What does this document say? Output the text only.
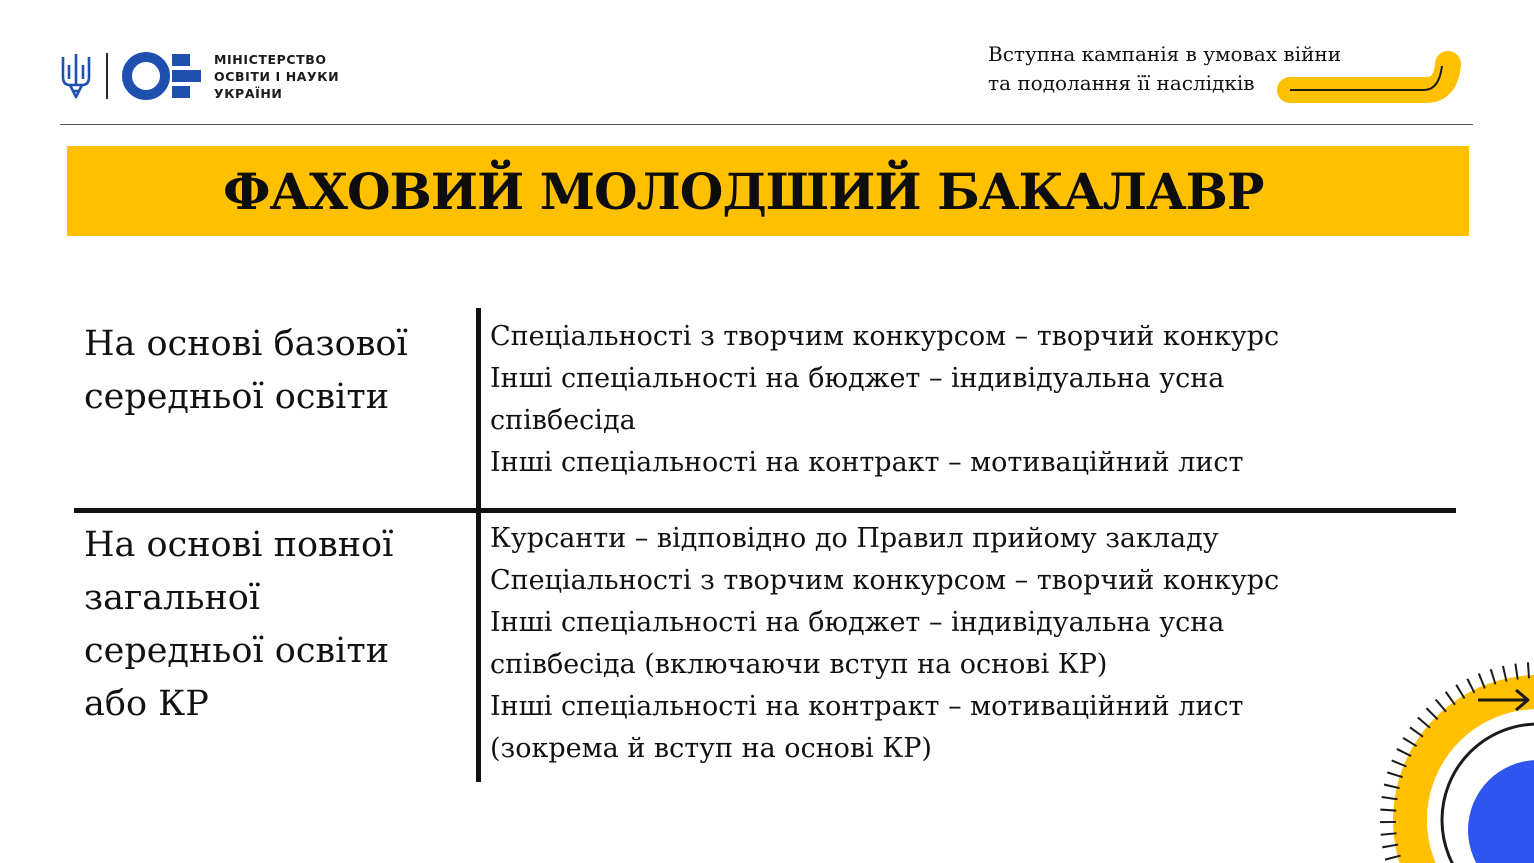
МІНІСТЕРСТВО
ОСВІТИ І НАУКИ
УКРАЇНИ
Вступна кампанія в умовах війни
та подолання її наслідків
ФАХОВИЙ МОЛОДШИЙ БАКАЛАВР
На основі базової
середньої освіти
Спеціальності з творчим конкурсом – творчий конкурс
Інші спеціальності на бюджет – індивідуальна усна
співбесіда
Інші спеціальності на контракт – мотиваційний лист
На основі повної
загальної
середньої освіти
або КР
Курсанти – відповідно до Правил прийому закладу
Спеціальності з творчим конкурсом – творчий конкурс
Інші спеціальності на бюджет – індивідуальна усна
співбесіда (включаючи вступ на основі КР)
Інші спеціальності на контракт – мотиваційний лист
(зокрема й вступ на основі КР)
